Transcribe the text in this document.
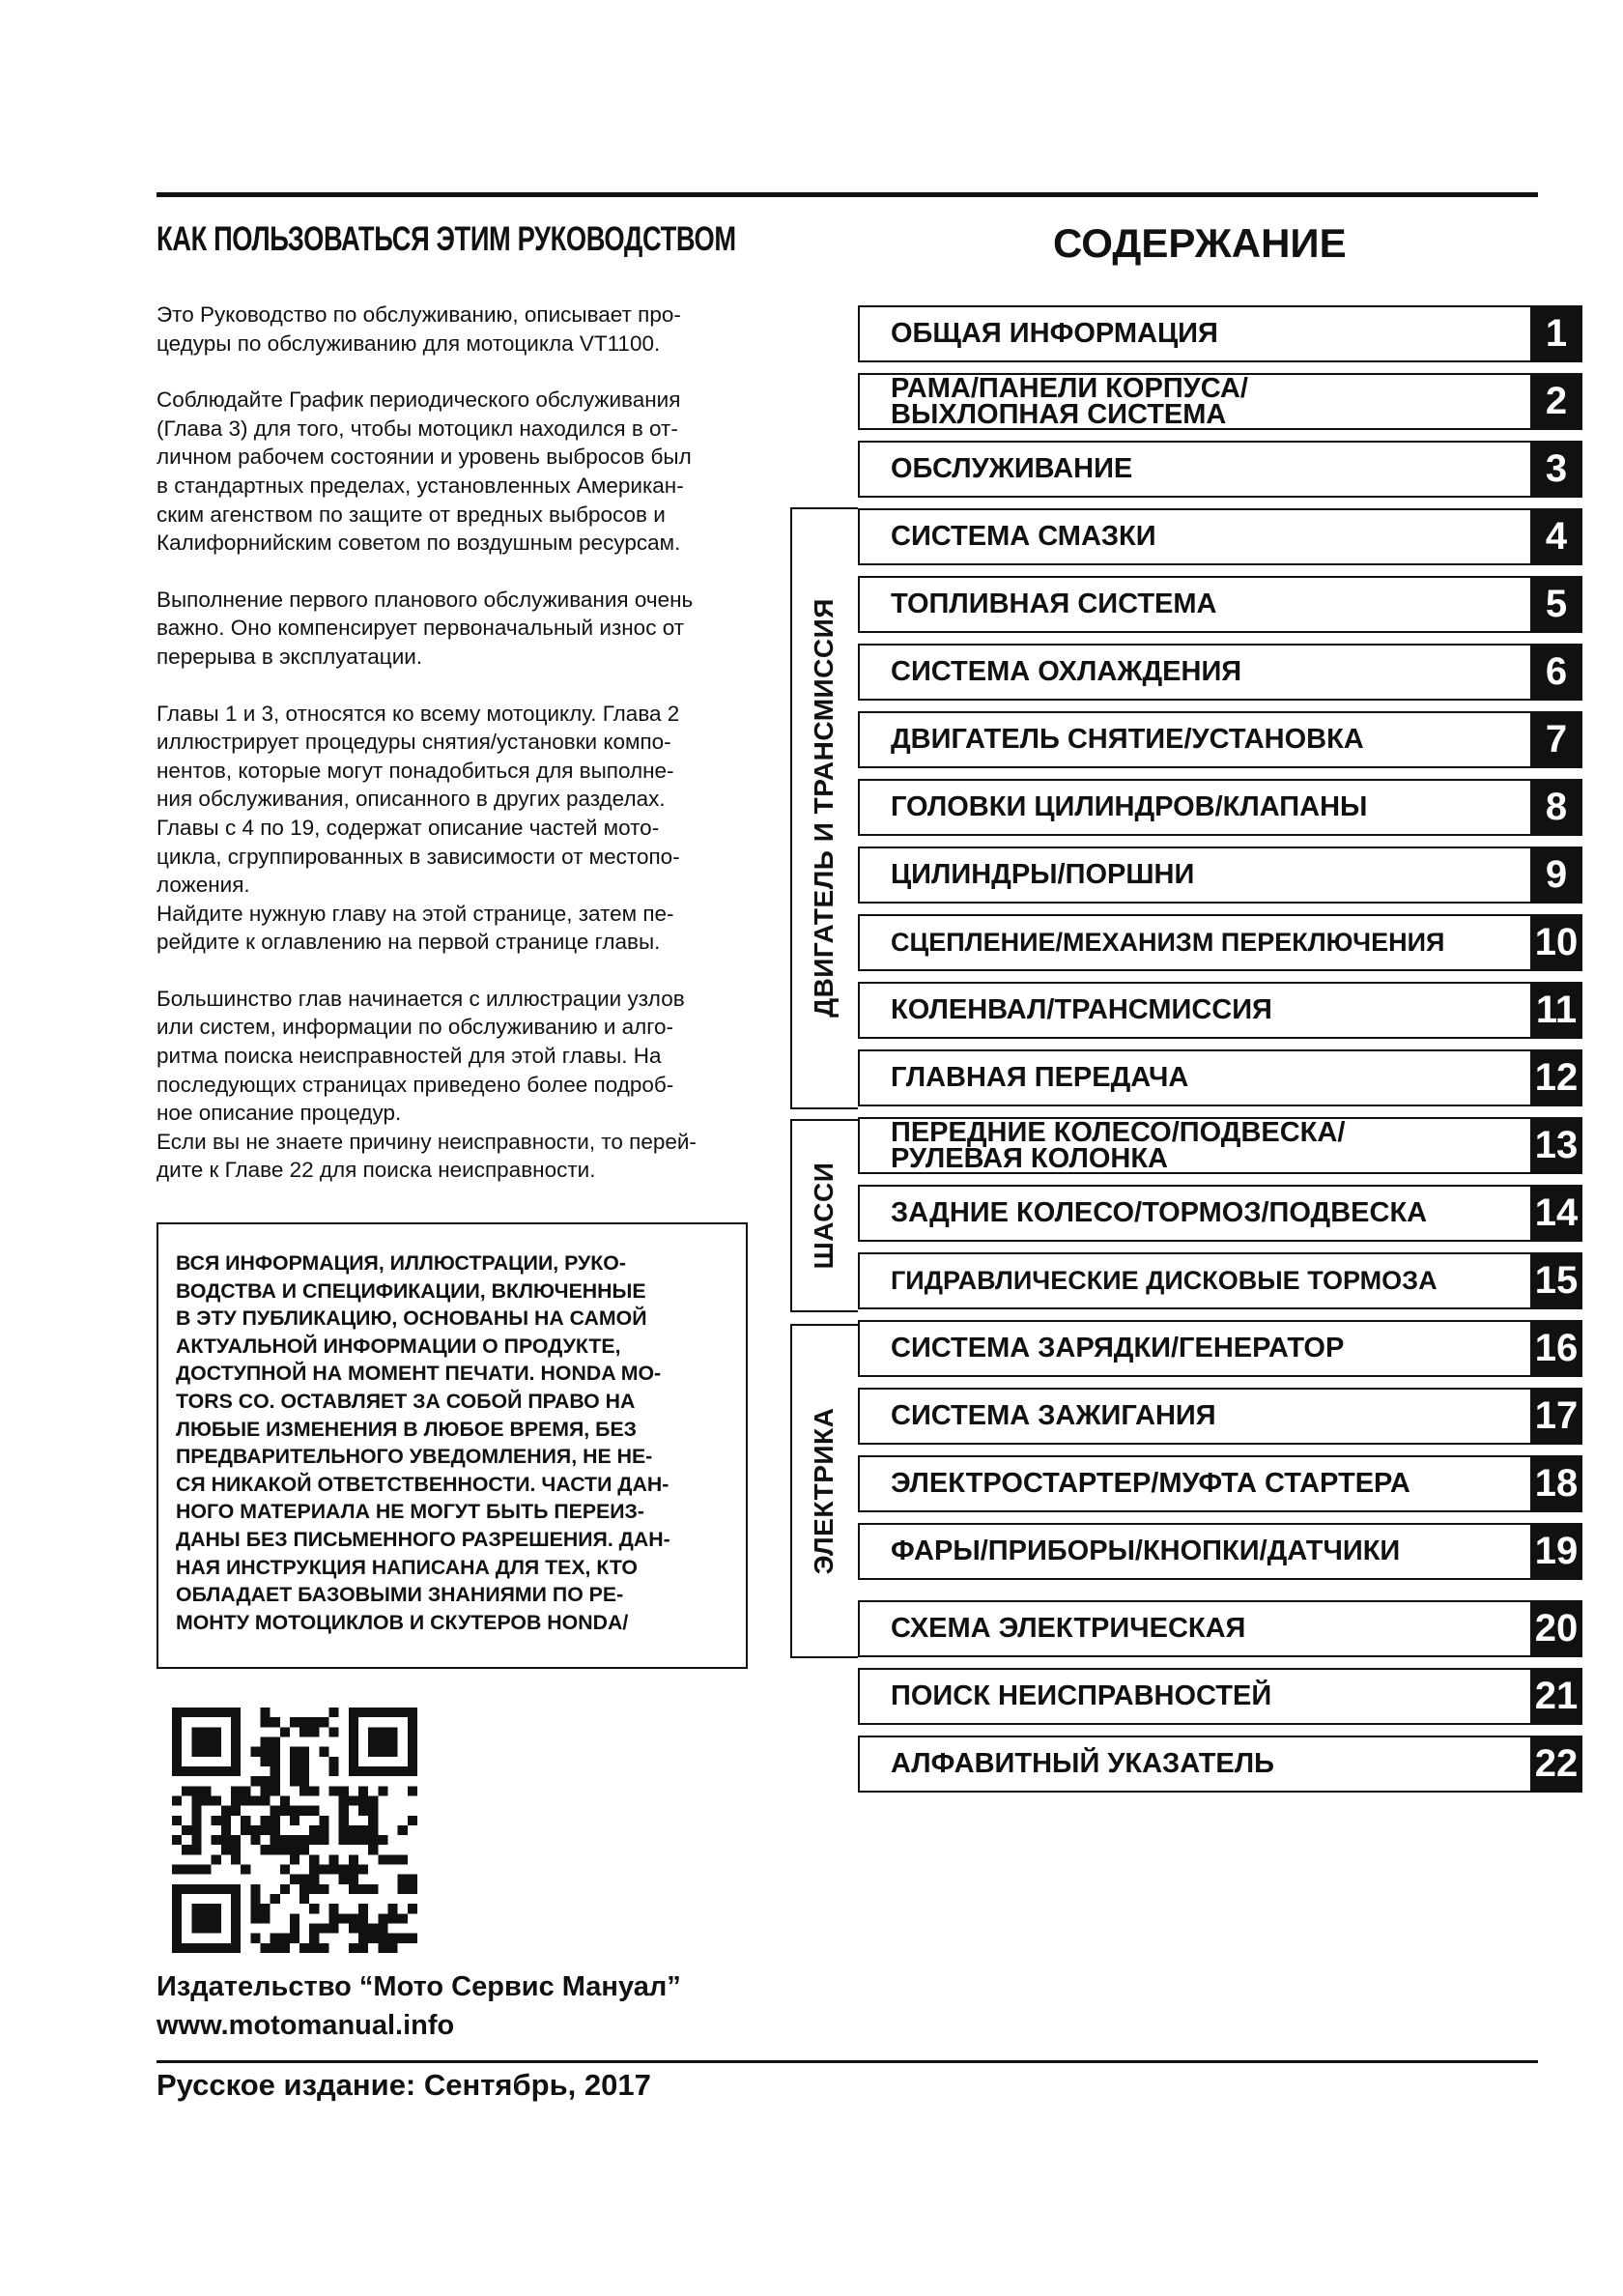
КАК ПОЛЬЗОВАТЬСЯ ЭТИМ РУКОВОДСТВОМ	СОДЕРЖАНИЕ

Это Руководство по обслуживанию, описывает про-
цедуры по обслуживанию для мотоцикла VT1100.

Соблюдайте График периодического обслуживания
(Глава 3) для того, чтобы мотоцикл находился в от-
личном рабочем состоянии и уровень выбросов был
в стандартных пределах, установленных Американ-
ским агенством по защите от вредных выбросов и
Калифорнийским советом по воздушным ресурсам.

Выполнение первого планового обслуживания очень
важно. Оно компенсирует первоначальный износ от
перерыва в эксплуатации.

Главы 1 и 3, относятся ко всему мотоциклу. Глава 2
иллюстрирует процедуры снятия/установки компо-
нентов, которые могут понадобиться для выполне-
ния обслуживания, описанного в других разделах.
Главы с 4 по 19, содержат описание частей мото-
цикла, сгруппированных в зависимости от местопо-
ложения.
Найдите нужную главу на этой странице, затем пе-
рейдите к оглавлению на первой странице главы.

Большинство глав начинается с иллюстрации узлов
или систем, информации по обслуживанию и алго-
ритма поиска неисправностей для этой главы. На
последующих страницах приведено более подроб-
ное описание процедур.
Если вы не знаете причину неисправности, то перей-
дите к Главе 22 для поиска неисправности.

ВСЯ ИНФОРМАЦИЯ, ИЛЛЮСТРАЦИИ, РУКО-
ВОДСТВА И СПЕЦИФИКАЦИИ, ВКЛЮЧЕННЫЕ
В ЭТУ ПУБЛИКАЦИЮ, ОСНОВАНЫ НА САМОЙ
АКТУАЛЬНОЙ ИНФОРМАЦИИ О ПРОДУКТЕ,
ДОСТУПНОЙ НА МОМЕНТ ПЕЧАТИ. HONDA MO-
TORS CO. ОСТАВЛЯЕТ ЗА СОБОЙ ПРАВО НА
ЛЮБЫЕ ИЗМЕНЕНИЯ В ЛЮБОЕ ВРЕМЯ, БЕЗ
ПРЕДВАРИТЕЛЬНОГО УВЕДОМЛЕНИЯ, НЕ НЕ-
СЯ НИКАКОЙ ОТВЕТСТВЕННОСТИ. ЧАСТИ ДАН-
НОГО МАТЕРИАЛА НЕ МОГУТ БЫТЬ ПЕРЕИЗ-
ДАНЫ БЕЗ ПИСЬМЕННОГО РАЗРЕШЕНИЯ. ДАН-
НАЯ ИНСТРУКЦИЯ НАПИСАНА ДЛЯ ТЕХ, КТО
ОБЛАДАЕТ БАЗОВЫМИ ЗНАНИЯМИ ПО РЕ-
МОНТУ МОТОЦИКЛОВ И СКУТЕРОВ HONDA/
Издательство “Мото Сервис Мануал”
www.motomanual.info
Русское издание: Сентябрь, 2017
ДВИГАТЕЛЬ И ТРАНСМИССИЯ
ШАССИ
ЭЛЕКТРИКА
ОБЩАЯ ИНФОРМАЦИЯ	1
РАМА/ПАНЕЛИ КОРПУСА/
ВЫХЛОПНАЯ СИСТЕМА	2
ОБСЛУЖИВАНИЕ	3
СИСТЕМА СМАЗКИ	4
ТОПЛИВНАЯ СИСТЕМА	5
СИСТЕМА ОХЛАЖДЕНИЯ	6
ДВИГАТЕЛЬ СНЯТИЕ/УСТАНОВКА	7
ГОЛОВКИ ЦИЛИНДРОВ/КЛАПАНЫ	8
ЦИЛИНДРЫ/ПОРШНИ	9
СЦЕПЛЕНИЕ/МЕХАНИЗМ ПЕРЕКЛЮЧЕНИЯ 10
КОЛЕНВАЛ/ТРАНСМИССИЯ	11
ГЛАВНАЯ ПЕРЕДАЧА	12
ПЕРЕДНИЕ КОЛЕСО/ПОДВЕСКА/
РУЛЕВАЯ КОЛОНКА	13
ЗАДНИЕ КОЛЕСО/ТОРМОЗ/ПОДВЕСКА	14
ГИДРАВЛИЧЕСКИЕ ДИСКОВЫЕ ТОРМОЗА	15
СИСТЕМА ЗАРЯДКИ/ГЕНЕРАТОР	16
СИСТЕМА ЗАЖИГАНИЯ	17
ЭЛЕКТРОСТАРТЕР/МУФТА СТАРТЕРА	18
ФАРЫ/ПРИБОРЫ/КНОПКИ/ДАТЧИКИ	19
СХЕМА ЭЛЕКТРИЧЕСКАЯ	20
ПОИСК НЕИСПРАВНОСТЕЙ	21
АЛФАВИТНЫЙ УКАЗАТЕЛЬ	22
